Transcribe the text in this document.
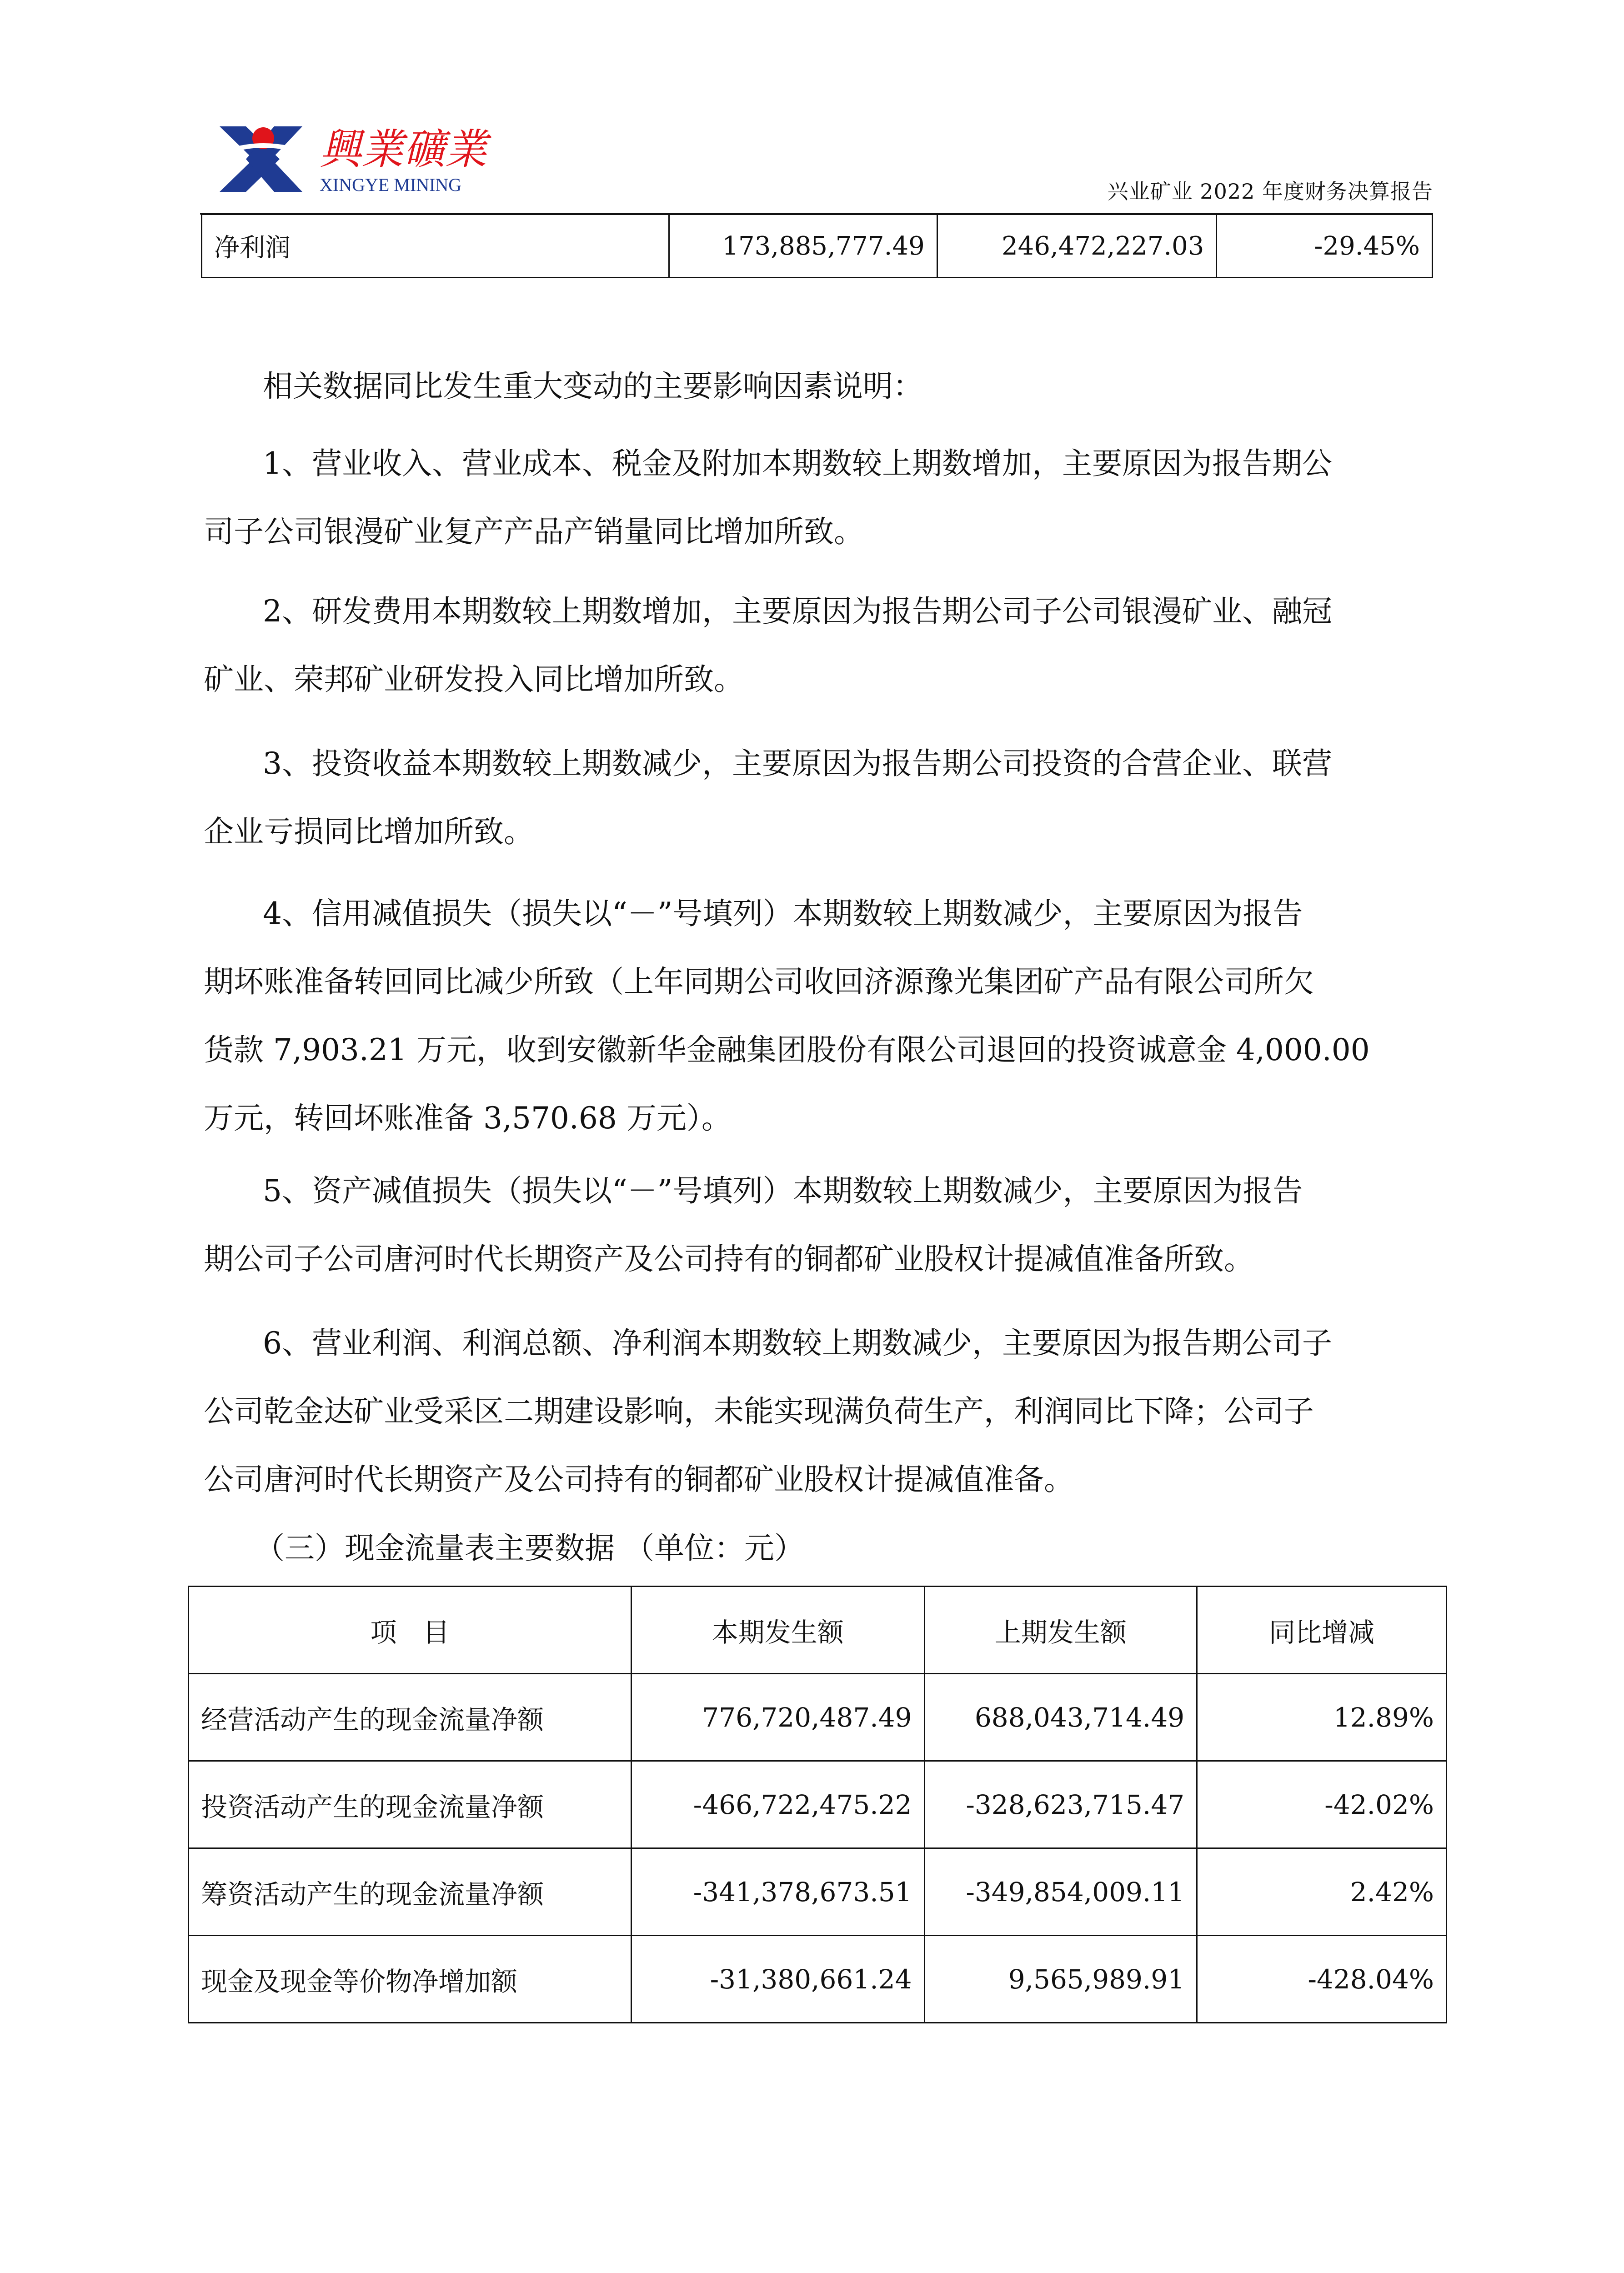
興業礦業
XINGYE MINING	兴业矿业 2022 年度财务决算报告
净利润	173,885,777.49	246,472,227.03	-29.45%
相关数据同比发生重大变动的主要影响因素说明：
1、营业收入、营业成本、税金及附加本期数较上期数增加，主要原因为报告期公
司子公司银漫矿业复产产品产销量同比增加所致。
2、研发费用本期数较上期数增加，主要原因为报告期公司子公司银漫矿业、融冠
矿业、荣邦矿业研发投入同比增加所致。
3、投资收益本期数较上期数减少，主要原因为报告期公司投资的合营企业、联营
企业亏损同比增加所致。
4、信用减值损失（损失以“－”号填列）本期数较上期数减少，主要原因为报告
期坏账准备转回同比减少所致（上年同期公司收回济源豫光集团矿产品有限公司所欠
货款 7,903.21 万元，收到安徽新华金融集团股份有限公司退回的投资诚意金 4,000.00
万元，转回坏账准备 3,570.68 万元）。
5、资产减值损失（损失以“－”号填列）本期数较上期数减少，主要原因为报告
期公司子公司唐河时代长期资产及公司持有的铜都矿业股权计提减值准备所致。
6、营业利润、利润总额、净利润本期数较上期数减少，主要原因为报告期公司子
公司乾金达矿业受采区二期建设影响，未能实现满负荷生产，利润同比下降；公司子
公司唐河时代长期资产及公司持有的铜都矿业股权计提减值准备。
（三）现金流量表主要数据 （单位：元）
项　目	本期发生额	上期发生额	同比增减
经营活动产生的现金流量净额	776,720,487.49	688,043,714.49	12.89%
投资活动产生的现金流量净额	-466,722,475.22	-328,623,715.47	-42.02%
筹资活动产生的现金流量净额	-341,378,673.51	-349,854,009.11	2.42%
现金及现金等价物净增加额	-31,380,661.24	9,565,989.91	-428.04%
